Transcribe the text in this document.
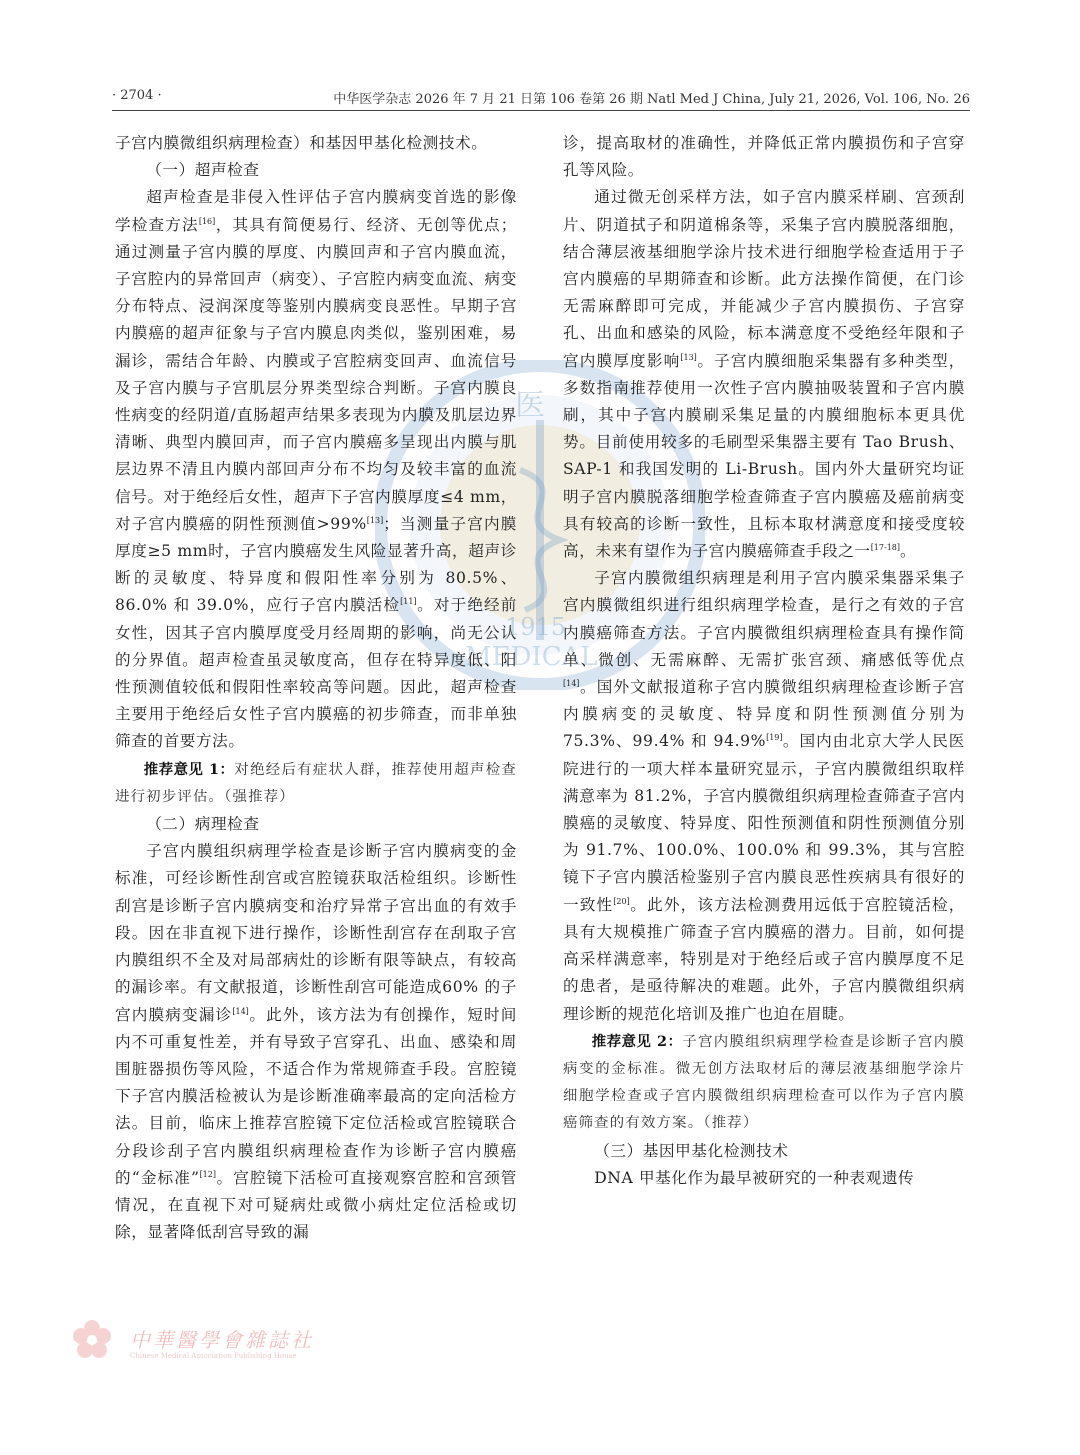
· 2704 ·	中华医学杂志 2026 年 7 月 21 日第 106 卷第 26 期 Natl Med J China, July 21, 2026, Vol. 106, No. 26
医
1915
MEDICAL

子宫内膜微组织病理检查）和基因甲基化检测技术。

（一）超声检查

超声检查是非侵入性评估子宫内膜病变首选的影像学检查方法[16]，其具有简便易行、经济、无创等优点；通过测量子宫内膜的厚度、内膜回声和子宫内膜血流，子宫腔内的异常回声（病变）、子宫腔内病变血流、病变分布特点、浸润深度等鉴别内膜病变良恶性。早期子宫内膜癌的超声征象与子宫内膜息肉类似，鉴别困难，易漏诊，需结合年龄、内膜或子宫腔病变回声、血流信号及子宫内膜与子宫肌层分界类型综合判断。子宫内膜良性病变的经阴道/直肠超声结果多表现为内膜及肌层边界清晰、典型内膜回声，而子宫内膜癌多呈现出内膜与肌层边界不清且内膜内部回声分布不均匀及较丰富的血流信号。对于绝经后女性，超声下子宫内膜厚度≤4 mm，对子宫内膜癌的阴性预测值>99%[13]；当测量子宫内膜厚度≥5 mm时，子宫内膜癌发生风险显著升高，超声诊断的灵敏度、特异度和假阳性率分别为 80.5%、86.0% 和 39.0%，应行子宫内膜活检[11]。对于绝经前女性，因其子宫内膜厚度受月经周期的影响，尚无公认的分界值。超声检查虽灵敏度高，但存在特异度低、阳性预测值较低和假阳性率较高等问题。因此，超声检查主要用于绝经后女性子宫内膜癌的初步筛查，而非单独筛查的首要方法。

推荐意见 1：对绝经后有症状人群，推荐使用超声检查进行初步评估。（强推荐）

（二）病理检查

子宫内膜组织病理学检查是诊断子宫内膜病变的金标准，可经诊断性刮宫或宫腔镜获取活检组织。诊断性刮宫是诊断子宫内膜病变和治疗异常子宫出血的有效手段。因在非直视下进行操作，诊断性刮宫存在刮取子宫内膜组织不全及对局部病灶的诊断有限等缺点，有较高的漏诊率。有文献报道，诊断性刮宫可能造成60% 的子宫内膜病变漏诊[14]。此外，该方法为有创操作，短时间内不可重复性差，并有导致子宫穿孔、出血、感染和周围脏器损伤等风险，不适合作为常规筛查手段。宫腔镜下子宫内膜活检被认为是诊断准确率最高的定向活检方法。目前，临床上推荐宫腔镜下定位活检或宫腔镜联合分段诊刮子宫内膜组织病理检查作为诊断子宫内膜癌的“金标准”[12]。宫腔镜下活检可直接观察宫腔和宫颈管情况，在直视下对可疑病灶或微小病灶定位活检或切除，显著降低刮宫导致的漏

诊，提高取材的准确性，并降低正常内膜损伤和子宫穿孔等风险。

通过微无创采样方法，如子宫内膜采样刷、宫颈刮片、阴道拭子和阴道棉条等，采集子宫内膜脱落细胞，结合薄层液基细胞学涂片技术进行细胞学检查适用于子宫内膜癌的早期筛查和诊断。此方法操作简便，在门诊无需麻醉即可完成，并能减少子宫内膜损伤、子宫穿孔、出血和感染的风险，标本满意度不受绝经年限和子宫内膜厚度影响[13]。子宫内膜细胞采集器有多种类型，多数指南推荐使用一次性子宫内膜抽吸装置和子宫内膜刷，其中子宫内膜刷采集足量的内膜细胞标本更具优势。目前使用较多的毛刷型采集器主要有 Tao Brush、SAP-1 和我国发明的 Li-Brush。国内外大量研究均证明子宫内膜脱落细胞学检查筛查子宫内膜癌及癌前病变具有较高的诊断一致性，且标本取材满意度和接受度较高，未来有望作为子宫内膜癌筛查手段之一[17-18]。

子宫内膜微组织病理是利用子宫内膜采集器采集子宫内膜微组织进行组织病理学检查，是行之有效的子宫内膜癌筛查方法。子宫内膜微组织病理检查具有操作简单、微创、无需麻醉、无需扩张宫颈、痛感低等优点[14]。国外文献报道称子宫内膜微组织病理检查诊断子宫内膜病变的灵敏度、特异度和阴性预测值分别为 75.3%、99.4% 和 94.9%[19]。国内由北京大学人民医院进行的一项大样本量研究显示，子宫内膜微组织取样满意率为 81.2%，子宫内膜微组织病理检查筛查子宫内膜癌的灵敏度、特异度、阳性预测值和阴性预测值分别为 91.7%、100.0%、100.0% 和 99.3%，其与宫腔镜下子宫内膜活检鉴别子宫内膜良恶性疾病具有很好的一致性[20]。此外，该方法检测费用远低于宫腔镜活检，具有大规模推广筛查子宫内膜癌的潜力。目前，如何提高采样满意率，特别是对于绝经后或子宫内膜厚度不足的患者，是亟待解决的难题。此外，子宫内膜微组织病理诊断的规范化培训及推广也迫在眉睫。

推荐意见 2：子宫内膜组织病理学检查是诊断子宫内膜病变的金标准。微无创方法取材后的薄层液基细胞学涂片细胞学检查或子宫内膜微组织病理检查可以作为子宫内膜癌筛查的有效方案。（推荐）

（三）基因甲基化检测技术

DNA 甲基化作为最早被研究的一种表观遗传

中華醫學會雜誌社
Chinese Medical Association Publishing House
